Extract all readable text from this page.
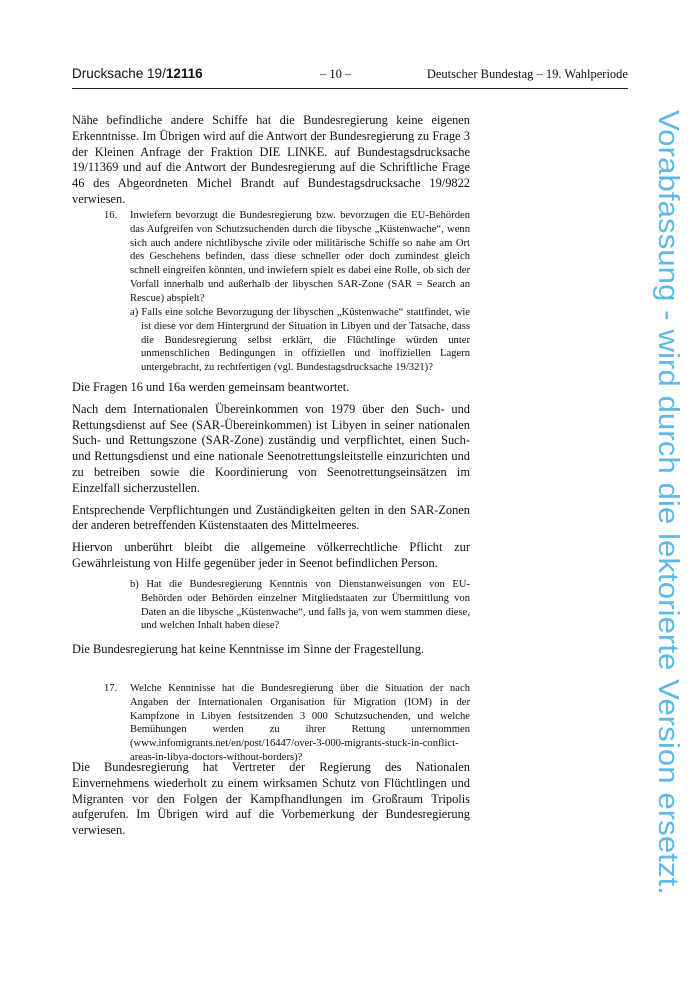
Drucksache 19/12116	– 10 –	Deutscher Bundestag – 19. Wahlperiode
Nähe befindliche andere Schiffe hat die Bundesregierung keine eigenen Erkenntnisse. Im Übrigen wird auf die Antwort der Bundesregierung zu Frage 3 der Kleinen Anfrage der Fraktion DIE LINKE. auf Bundestagsdrucksache 19/11369 und auf die Antwort der Bundesregierung auf die Schriftliche Frage 46 des Abgeordneten Michel Brandt auf Bundestagsdrucksache 19/9822 verwiesen.
16. Inwiefern bevorzugt die Bundesregierung bzw. bevorzugen die EU-Behörden das Aufgreifen von Schutzsuchenden durch die libysche „Küstenwache“, wenn sich auch andere nichtlibysche zivile oder militärische Schiffe so nahe am Ort des Geschehens befinden, dass diese schneller oder doch zumindest gleich schnell eingreifen könnten, und inwiefern spielt es dabei eine Rolle, ob sich der Vorfall innerhalb und außerhalb der libyschen SAR-Zone (SAR = Search an Rescue) abspielt?
a) Falls eine solche Bevorzugung der libyschen „Küstenwache“ stattfindet, wie ist diese vor dem Hintergrund der Situation in Libyen und der Tatsache, dass die Bundesregierung selbst erklärt, die Flüchtlinge würden unter unmenschlichen Bedingungen in offiziellen und inoffiziellen Lagern untergebracht, zu rechtfertigen (vgl. Bundestagsdrucksache 19/321)?

Die Fragen 16 und 16a werden gemeinsam beantwortet.

Nach dem Internationalen Übereinkommen von 1979 über den Such- und Rettungsdienst auf See (SAR-Übereinkommen) ist Libyen in seiner nationalen Such- und Rettungszone (SAR-Zone) zuständig und verpflichtet, einen Such- und Rettungsdienst und eine nationale Seenotrettungsleitstelle einzurichten und zu betreiben sowie die Koordinierung von Seenotrettungseinsätzen im Einzelfall sicherzustellen.

Entsprechende Verpflichtungen und Zuständigkeiten gelten in den SAR-Zonen der anderen betreffenden Küstenstaaten des Mittelmeeres.

Hiervon unberührt bleibt die allgemeine völkerrechtliche Pflicht zur Gewährleistung von Hilfe gegenüber jeder in Seenot befindlichen Person.

b) Hat die Bundesregierung Kenntnis von Dienstanweisungen von EU-Behörden oder Behörden einzelner Mitgliedstaaten zur Übermittlung von Daten an die libysche „Küstenwache“, und falls ja, von wem stammen diese, und welchen Inhalt haben diese?
Die Bundesregierung hat keine Kenntnisse im Sinne der Fragestellung.
17. Welche Kenntnisse hat die Bundesregierung über die Situation der nach Angaben der Internationalen Organisation für Migration (IOM) in der Kampfzone in Libyen festsitzenden 3 000 Schutzsuchenden, und welche Bemühungen werden zu ihrer Rettung unternommen (www.infomigrants.net/en/post/16447/over-3-000-migrants-stuck-in-conflict-areas-in-libya-doctors-without-borders)?
Die Bundesregierung hat Vertreter der Regierung des Nationalen Einvernehmens wiederholt zu einem wirksamen Schutz von Flüchtlingen und Migranten vor den Folgen der Kampfhandlungen im Großraum Tripolis aufgerufen. Im Übrigen wird auf die Vorbemerkung der Bundesregierung verwiesen.	Vorabfassung - wird durch die lektorierte Version ersetzt.
